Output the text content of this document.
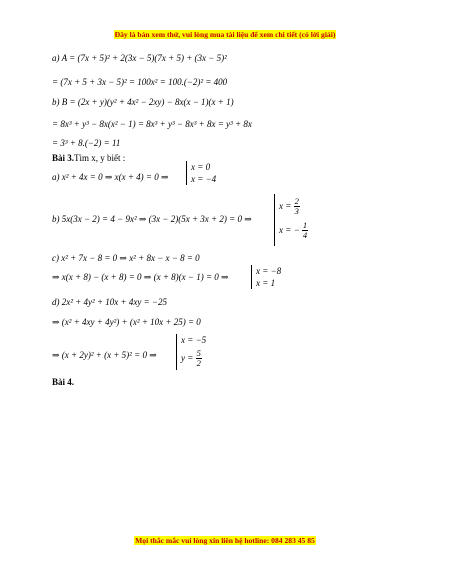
Đây là bản xem thử, vui lòng mua tài liệu để xem chi tiết (có lời giải)
a) A = (7x + 5)² + 2(3x − 5)(7x + 5) + (3x − 5)²
= (7x + 5 + 3x − 5)² = 100x² = 100.(−2)² = 400
b) B = (2x + y)(y² + 4x² − 2xy) − 8x(x − 1)(x + 1)
= 8x³ + y³ − 8x(x² − 1) = 8x³ + y³ − 8x³ + 8x = y³ + 8x
= 3³ + 8.(−2) = 11
Bài 3.Tìm x, y biết :
a) x² + 4x = 0 ⇒ x(x + 4) = 0 ⇒
x = 0
x = −4
b) 5x(3x − 2) = 4 − 9x² ⇒ (3x − 2)(5x + 3x + 2) = 0 ⇒
$x = \frac{2}{3}$
x = − $\frac{1}{4}$
c) x² + 7x − 8 = 0 ⇒ x² + 8x − x − 8 = 0
⇒ x(x + 8) − (x + 8) = 0 ⇒ (x + 8)(x − 1) = 0 ⇒
x = −8
x = 1
d) 2x² + 4y² + 10x + 4xy = −25
⇒ (x² + 4xy + 4y²) + (x² + 10x + 25) = 0
⇒ (x + 2y)² + (x + 5)² = 0 ⇒
x = −5
$y = \frac{5}{2}$
Bài 4.
Mọi thắc mắc vui lòng xin liên hệ hotline: 084 283 45 85
